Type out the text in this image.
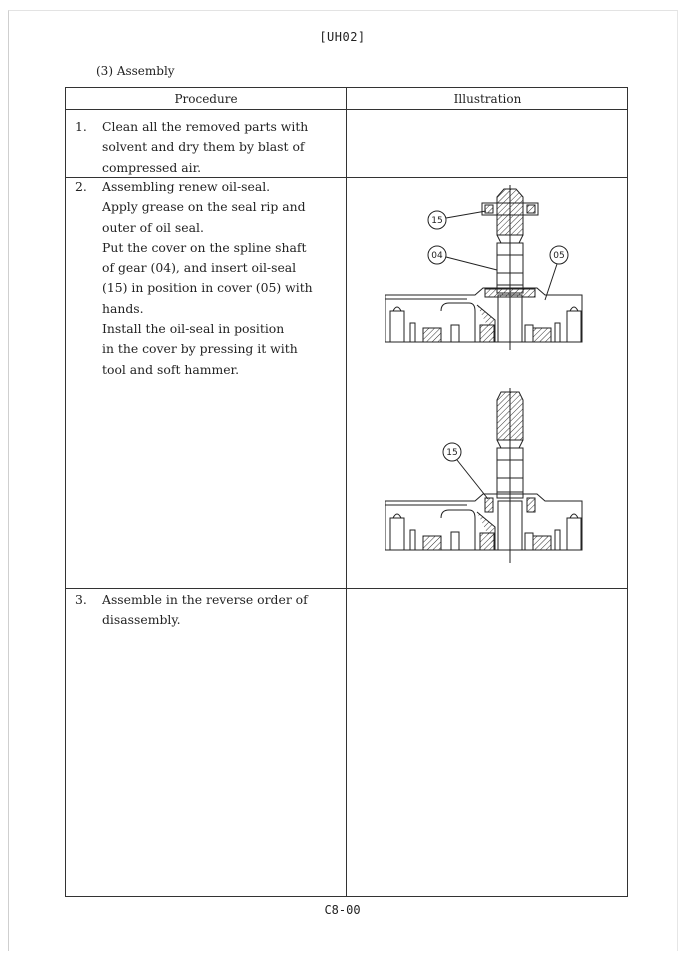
[UH02]
(3) Assembly
Procedure	Illustration
1. Clean all the removed parts with

solvent and dry them by blast of

compressed air.

2. Assembling renew oil-seal.

Apply grease on the seal rip and

outer of oil seal.

Put the cover on the spline shaft

of gear (04), and insert oil-seal

(15) in position in cover (05) with

hands.

Install the oil-seal in position

in the cover by pressing it with

tool and soft hammer.

3. Assemble in the reverse order of

disassembly.

15
04	05
15
C8-00
